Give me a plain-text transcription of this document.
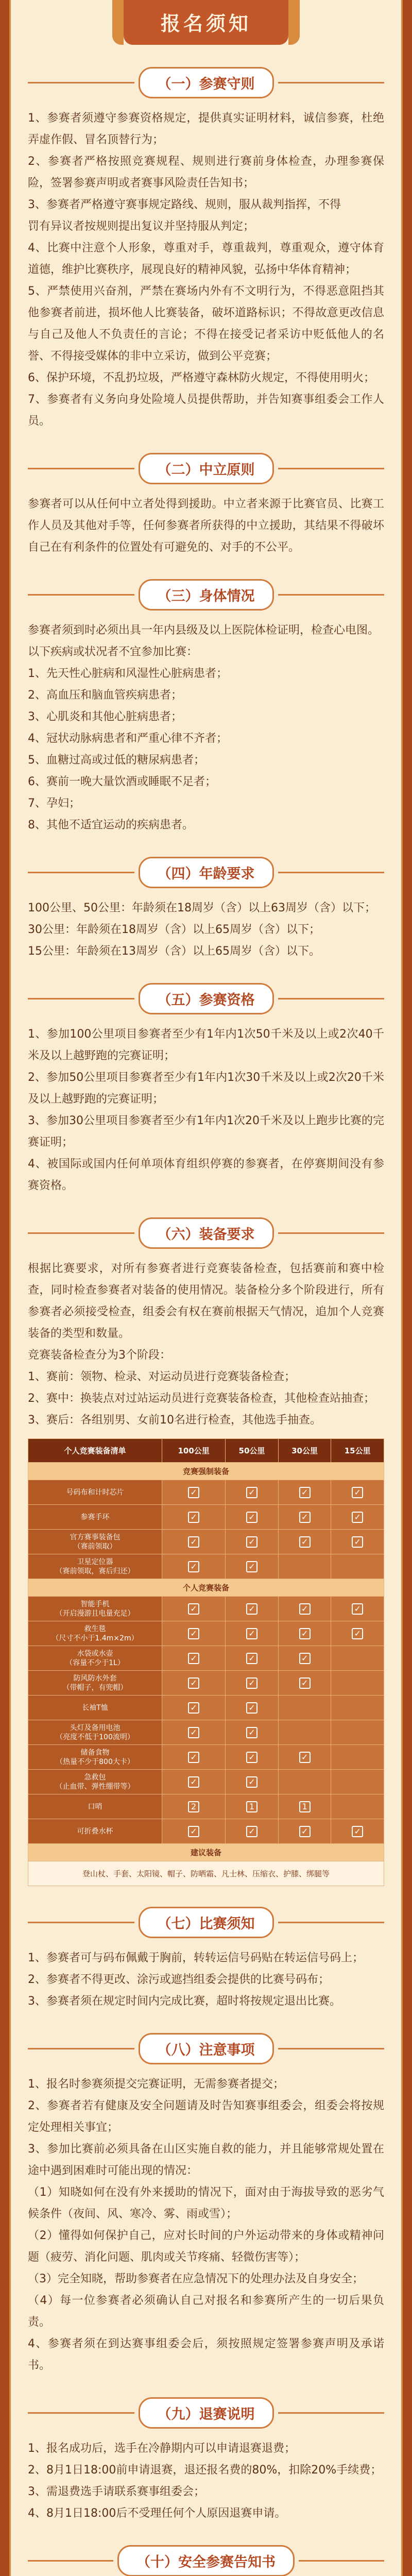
报名须知
（一）参赛守则

1、参赛者须遵守参赛资格规定，提供真实证明材料，诚信参赛，杜绝弄虚作假、冒名顶替行为；

2、参赛者严格按照竞赛规程、规则进行赛前身体检查，办理参赛保险，签署参赛声明或者赛事风险责任告知书；

3、参赛者严格遵守赛事规定路线、规则，服从裁判指挥，不得

罚有异议者按规则提出复议并坚持服从判定；

4、比赛中注意个人形象，尊重对手，尊重裁判，尊重观众，遵守体育道德，维护比赛秩序，展现良好的精神风貌，弘扬中华体育精神；

5、严禁使用兴奋剂，严禁在赛场内外有不文明行为，不得恶意阻挡其他参赛者前进，损坏他人比赛装备，破坏道路标识；不得故意更改信息与自己及他人不负责任的言论；不得在接受记者采访中贬低他人的名誉、不得接受媒体的非中立采访，做到公平竞赛；

6、保护环境，不乱扔垃圾，严格遵守森林防火规定，不得使用明火；

7、参赛者有义务向身处险境人员提供帮助，并告知赛事组委会工作人员。

（二）中立原则

参赛者可以从任何中立者处得到援助。中立者来源于比赛官员、比赛工作人员及其他对手等，任何参赛者所获得的中立援助，其结果不得破坏自己在有利条件的位置处有可避免的、对手的不公平。

（三）身体情况

参赛者须到时必须出具一年内县级及以上医院体检证明，检查心电图。

以下疾病或状况者不宜参加比赛：

1、先天性心脏病和风湿性心脏病患者；

2、高血压和脑血管疾病患者；

3、心肌炎和其他心脏病患者；

4、冠状动脉病患者和严重心律不齐者；

5、血糖过高或过低的糖尿病患者；

6、赛前一晚大量饮酒或睡眠不足者；

7、孕妇；

8、其他不适宜运动的疾病患者。

（四）年龄要求

100公里、50公里：年龄须在18周岁（含）以上63周岁（含）以下；

30公里：年龄须在18周岁（含）以上65周岁（含）以下；

15公里：年龄须在13周岁（含）以上65周岁（含）以下。

（五）参赛资格

1、参加100公里项目参赛者至少有1年内1次50千米及以上或2次40千米及以上越野跑的完赛证明；

2、参加50公里项目参赛者至少有1年内1次30千米及以上或2次20千米及以上越野跑的完赛证明；

3、参加30公里项目参赛者至少有1年内1次20千米及以上跑步比赛的完赛证明；

4、被国际或国内任何单项体育组织停赛的参赛者，在停赛期间没有参赛资格。

（六）装备要求

根据比赛要求，对所有参赛者进行竞赛装备检查，包括赛前和赛中检查，同时检查参赛者对装备的使用情况。装备检分多个阶段进行，所有参赛者必须接受检查，组委会有权在赛前根据天气情况，追加个人竞赛装备的类型和数量。

竞赛装备检查分为3个阶段：

1、赛前：领物、检录、对运动员进行竞赛装备检查；

2、赛中：换装点对过站运动员进行竞赛装备检查，其他检查站抽查；

3、赛后：各组别男、女前10名进行检查，其他选手抽查。

个人竞赛装备清单	100公里	50公里	30公里	15公里
竞赛强制装备				
号码布和计时芯片	✓	✓	✓	✓
参赛手环	✓	✓	✓	✓
官方赛事装备包
（赛前领取）	✓	✓	✓	✓
卫星定位器
（赛前领取，赛后归还）	✓	✓		
个人竞赛装备				
智能手机
（开启漫游且电量充足）	✓	✓	✓	✓
救生毯
（尺寸不小于1.4m×2m）	✓	✓	✓	✓
水袋或水壶
（容量不少于1L）	✓	✓	✓	
防风防水外套
（带帽子，有兜帽）	✓	✓	✓	
长袖T恤	✓	✓		
头灯及备用电池
（亮度不低于100流明）	✓	✓		
储备食物
（热量不少于800大卡）	✓	✓	✓	
急救包
（止血带、弹性绷带等）	✓	✓		
口哨	2	1	1	
可折叠水杯	✓	✓	✓	✓
建议装备				
登山杖、手套、太阳镜、帽子、防晒霜、凡士林、压缩衣、护膝、绑腿等				
（七）比赛须知

1、参赛者可与码布佩戴于胸前，转转运信号码贴在转运信号码上；

2、参赛者不得更改、涂污或遮挡组委会提供的比赛号码布；

3、参赛者须在规定时间内完成比赛，超时将按规定退出比赛。

（八）注意事项

1、报名时参赛须提交完赛证明，无需参赛者提交；

2、参赛者若有健康及安全问题请及时告知赛事组委会，组委会将按规定处理相关事宜；

3、参加比赛前必须具备在山区实施自救的能力，并且能够常规处置在途中遇到困难时可能出现的情况：

（1）知晓如何在没有外来援助的情况下，面对由于海拔导致的恶劣气候条件（夜间、风、寒冷、雾、雨或雪）；

（2）懂得如何保护自己，应对长时间的户外运动带来的身体或精神问题（疲劳、消化问题、肌肉或关节疼痛、轻微伤害等）；

（3）完全知晓，帮助参赛者在应急情况下的处理办法及自身安全；

（4）每一位参赛者必须确认自己对报名和参赛所产生的一切后果负责。

4、参赛者须在到达赛事组委会后，须按照规定签署参赛声明及承诺书。

（九）退赛说明

1、报名成功后，选手在冷静期内可以申请退赛退费；

2、8月1日18:00前申请退赛，退还报名费的80%，扣除20%手续费；

3、需退费选手请联系赛事组委会；

4、8月1日18:00后不受理任何个人原因退赛申请。

（十）安全参赛告知书
